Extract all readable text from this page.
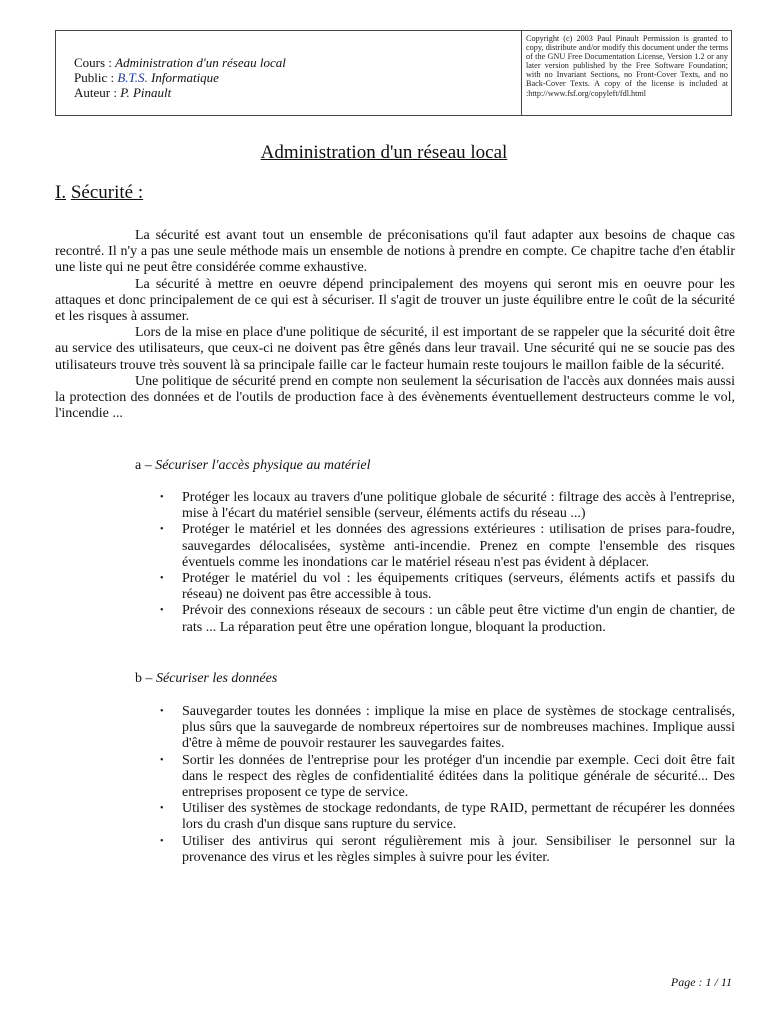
Cours : Administration d'un réseau local
Public : B.T.S. Informatique
Auteur : P. Pinault
Copyright (c) 2003 Paul Pinault Permission is granted to copy, distribute and/or modify this document under the terms of the GNU Free Documentation License, Version 1.2 or any later version published by the Free Software Foundation; with no Invariant Sections, no Front-Cover Texts, and no Back-Cover Texts. A copy of the license is included at :http://www.fsf.org/copyleft/fdl.html
Administration d'un réseau local
I. Sécurité :

La sécurité est avant tout un ensemble de préconisations qu'il faut adapter aux besoins de chaque cas recontré. Il n'y a pas une seule méthode mais un ensemble de notions à prendre en compte. Ce chapitre tache d'en établir une liste qui ne peut être considérée comme exhaustive.

La sécurité à mettre en oeuvre dépend principalement des moyens qui seront mis en oeuvre pour les attaques et donc principalement de ce qui est à sécuriser. Il s'agit de trouver un juste équilibre entre le coût de la sécurité et les risques à assumer.

Lors de la mise en place d'une politique de sécurité, il est important de se rappeler que la sécurité doit être au service des utilisateurs, que ceux-ci ne doivent pas être gênés dans leur travail. Une sécurité qui ne se soucie pas des utilisateurs trouve très souvent là sa principale faille car le facteur humain reste toujours le maillon faible de la sécurité.

Une politique de sécurité prend en compte non seulement la sécurisation de l'accès aux données mais aussi la protection des données et de l'outils de production face à des évènements éventuellement destructeurs comme le vol, l'incendie ...

a – Sécuriser l'accès physique au matériel
• Protéger les locaux au travers d'une politique globale de sécurité : filtrage des accès à l'entreprise, mise à l'écart du matériel sensible (serveur, éléments actifs du réseau ...)
• Protéger le matériel et les données des agressions extérieures : utilisation de prises para-foudre, sauvegardes délocalisées, système anti-incendie. Prenez en compte l'ensemble des risques éventuels comme les inondations car le matériel réseau n'est pas évident à déplacer.
• Protéger le matériel du vol : les équipements critiques (serveurs, éléments actifs et passifs du réseau) ne doivent pas être accessible à tous.
• Prévoir des connexions réseaux de secours : un câble peut être victime d'un engin de chantier, de rats ... La réparation peut être une opération longue, bloquant la production.
b – Sécuriser les données
• Sauvegarder toutes les données : implique la mise en place de systèmes de stockage centralisés, plus sûrs que la sauvegarde de nombreux répertoires sur de nombreuses machines. Implique aussi d'être à même de pouvoir restaurer les sauvegardes faites.
• Sortir les données de l'entreprise pour les protéger d'un incendie par exemple. Ceci doit être fait dans le respect des règles de confidentialité éditées dans la politique générale de sécurité... Des entreprises proposent ce type de service.
• Utiliser des systèmes de stockage redondants, de type RAID, permettant de récupérer les données lors du crash d'un disque sans rupture du service.
• Utiliser des antivirus qui seront régulièrement mis à jour. Sensibiliser le personnel sur la provenance des virus et les règles simples à suivre pour les éviter.
Page : 1 / 11
